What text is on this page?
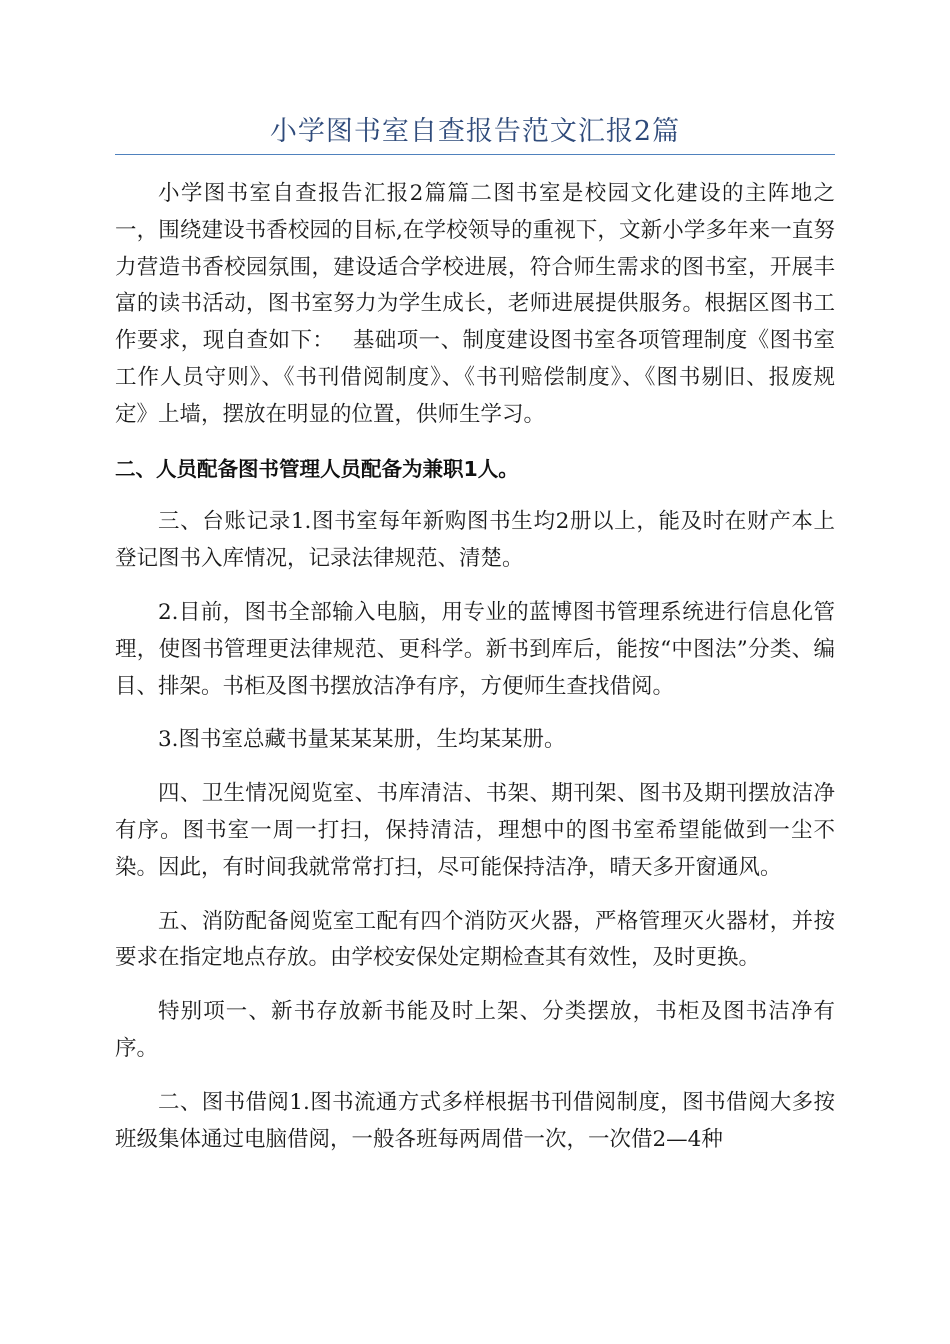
小学图书室自查报告范文汇报2篇

小学图书室自查报告汇报2篇篇二图书室是校园文化建设的主阵地之一，围绕建设书香校园的目标,在学校领导的重视下，文新小学多年来一直努力营造书香校园氛围，建设适合学校进展，符合师生需求的图书室，开展丰富的读书活动，图书室努力为学生成长，老师进展提供服务。根据区图书工作要求，现自查如下：　 基础项一、制度建设图书室各项管理制度《图书室工作人员守则》、《书刊借阅制度》、《书刊赔偿制度》、《图书剔旧、报废规定》上墙，摆放在明显的位置，供师生学习。

二、人员配备图书管理人员配备为兼职1人。

三、台账记录1.图书室每年新购图书生均2册以上，能及时在财产本上登记图书入库情况，记录法律规范、清楚。

2.目前，图书全部输入电脑，用专业的蓝博图书管理系统进行信息化管理，使图书管理更法律规范、更科学。新书到库后，能按“中图法”分类、编目、排架。书柜及图书摆放洁净有序，方便师生查找借阅。

3.图书室总藏书量某某某册，生均某某册。

四、卫生情况阅览室、书库清洁、书架、期刊架、图书及期刊摆放洁净有序。图书室一周一打扫，保持清洁，理想中的图书室希望能做到一尘不染。因此，有时间我就常常打扫，尽可能保持洁净，晴天多开窗通风。

五、消防配备阅览室工配有四个消防灭火器，严格管理灭火器材，并按要求在指定地点存放。由学校安保处定期检查其有效性，及时更换。

特别项一、新书存放新书能及时上架、分类摆放，书柜及图书洁净有序。

二、图书借阅1.图书流通方式多样根据书刊借阅制度，图书借阅大多按班级集体通过电脑借阅，一般各班每两周借一次，一次借2—4种
